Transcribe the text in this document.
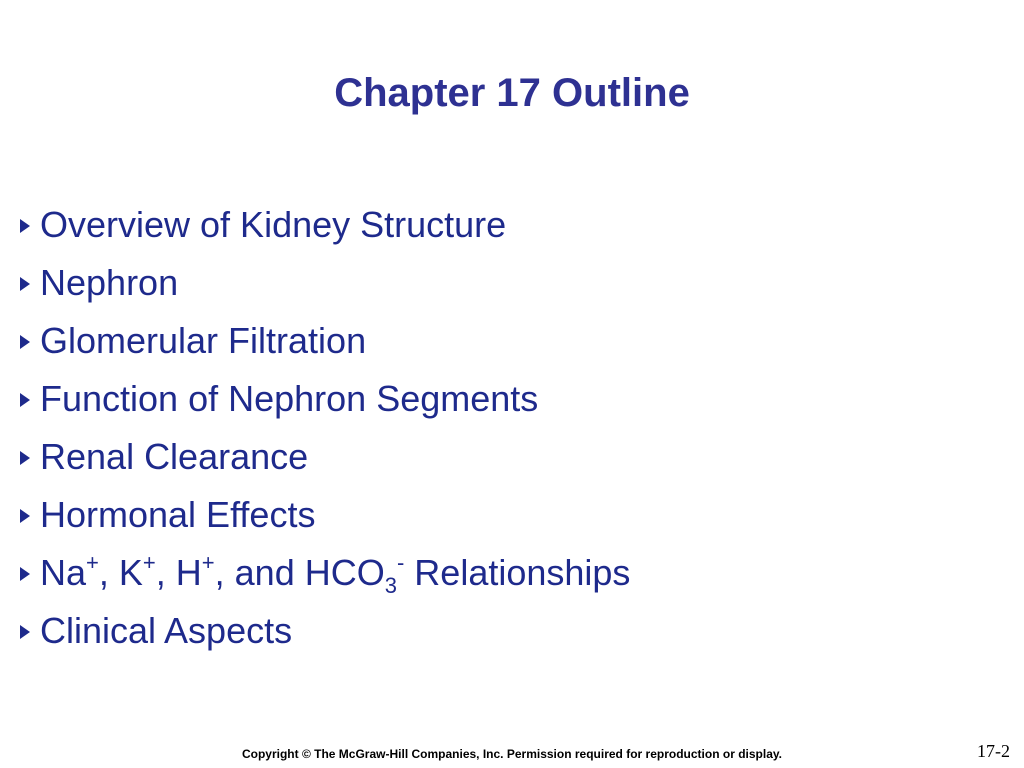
Chapter 17 Outline
Overview of Kidney Structure
Nephron
Glomerular Filtration
Function of Nephron Segments
Renal Clearance
Hormonal Effects
Na+, K+, H+, and $HCO_3^-$ Relationships
Clinical Aspects
Copyright © The McGraw-Hill Companies, Inc. Permission required for reproduction or display.	17-2
